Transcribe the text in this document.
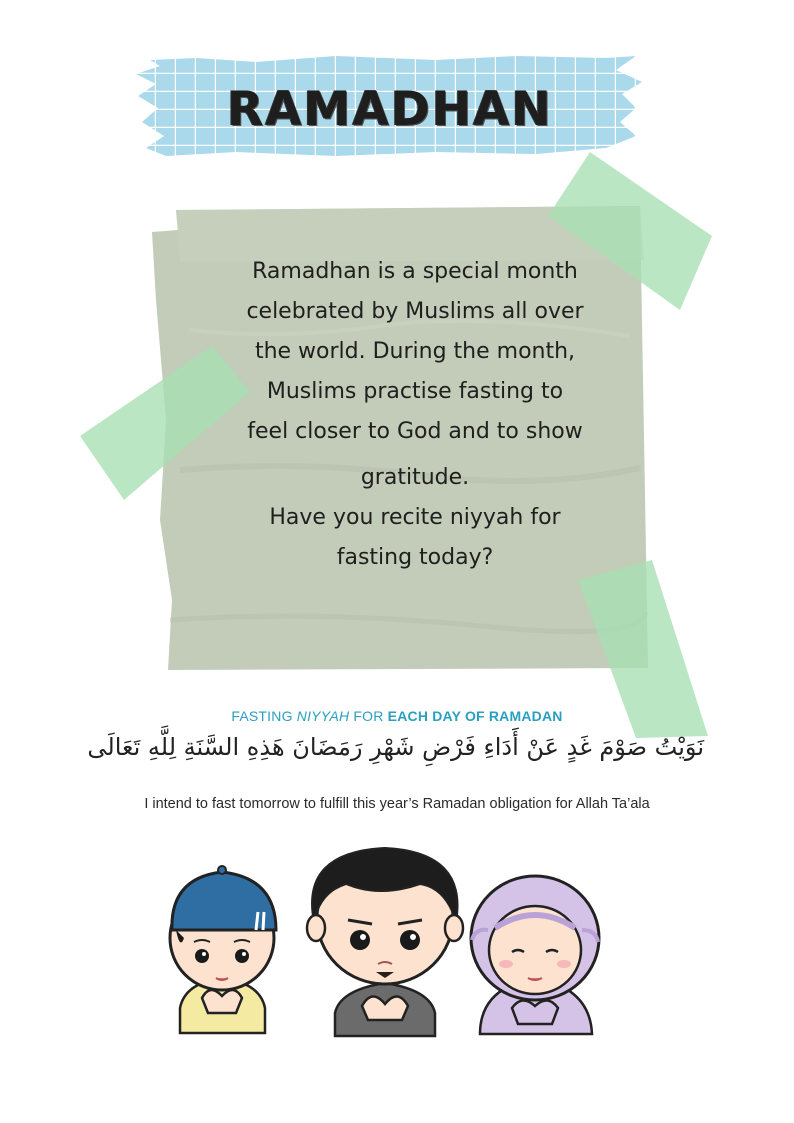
RAMADHAN
Ramadhan is a special month
celebrated by Muslims all over
the world. During the month,
Muslims practise fasting to
feel closer to God and to show
gratitude.
Have you recite niyyah for
fasting today?
FASTING NIYYAH FOR EACH DAY OF RAMADAN
نَوَيْتُ صَوْمَ غَدٍ عَنْ أَدَاءِ فَرْضِ شَهْرِ رَمَضَانَ هَذِهِ السَّنَةِ لِلَّهِ تَعَالَى
I intend to fast tomorrow to fulfill this year’s Ramadan obligation for Allah Ta’ala
